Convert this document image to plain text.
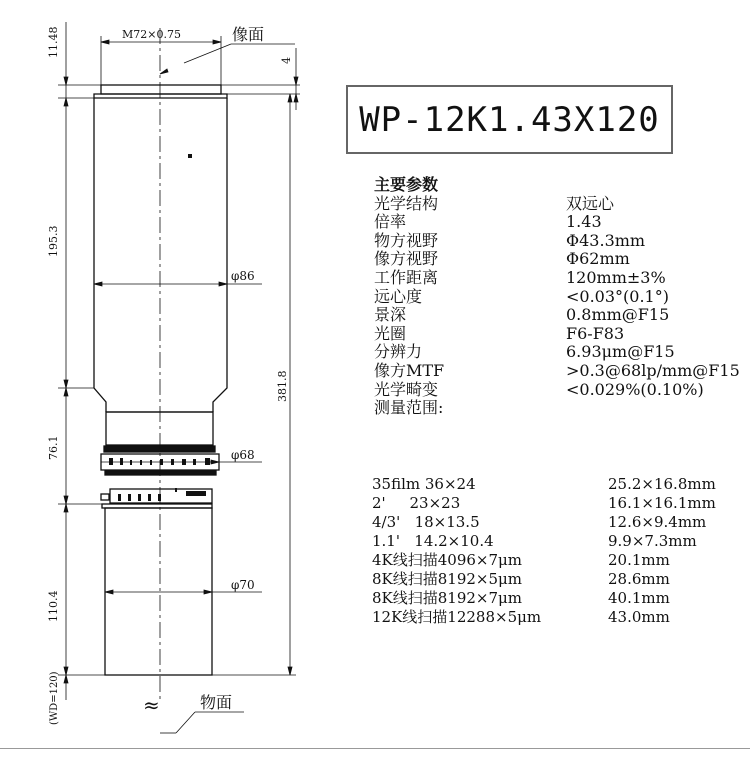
M72×0.75	像面
物面
≈
φ86
φ68
φ70
11.48
195.3
76.1
110.4
(WD=120)
4
381.8
WP-12K1.43X120
主要参数
光学结构	双远心
倍率	1.43
物方视野	Φ43.3mm
像方视野	Φ62mm
工作距离	120mm±3%
远心度	<0.03°(0.1°)
景深	0.8mm@F15
光圈	F6-F83
分辨力	6.93μm@F15
像方MTF	>0.3@68lp/mm@F15
光学畸变	<0.029%(0.10%)
测量范围:
35film 36×24	25.2×16.8mm
2'     23×23	16.1×16.1mm
4/3'   18×13.5	12.6×9.4mm
1.1'   14.2×10.4	9.9×7.3mm
4K线扫描4096×7μm	20.1mm
8K线扫描8192×5μm	28.6mm
8K线扫描8192×7μm	40.1mm
12K线扫描12288×5μm	43.0mm
